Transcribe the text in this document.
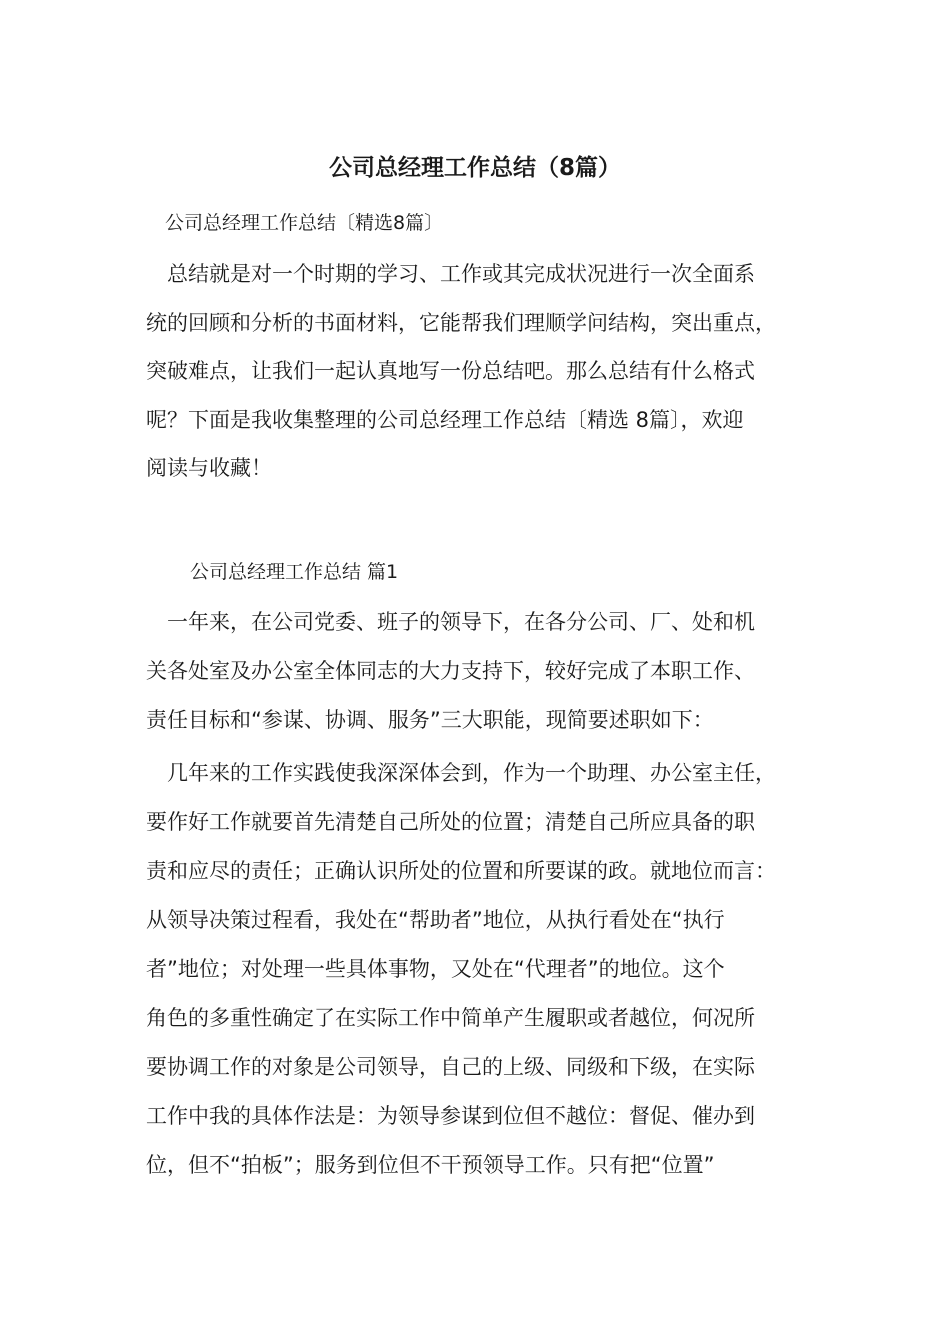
公司总经理工作总结（8篇）
公司总经理工作总结〔精选8篇〕
　总结就是对一个时期的学习、工作或其完成状况进行一次全面系
统的回顾和分析的书面材料，它能帮我们理顺学问结构，突出重点，
突破难点，让我们一起认真地写一份总结吧。那么总结有什么格式
呢？下面是我收集整理的公司总经理工作总结〔精选 8篇〕，欢迎
阅读与收藏！
公司总经理工作总结 篇1
　一年来，在公司党委、班子的领导下，在各分公司、厂、处和机
关各处室及办公室全体同志的大力支持下，较好完成了本职工作、
责任目标和“参谋、协调、服务”三大职能，现简要述职如下：
　几年来的工作实践使我深深体会到，作为一个助理、办公室主任，
要作好工作就要首先清楚自己所处的位置；清楚自己所应具备的职
责和应尽的责任；正确认识所处的位置和所要谋的政。就地位而言：
从领导决策过程看，我处在“帮助者”地位，从执行看处在“执行
者”地位；对处理一些具体事物，又处在“代理者”的地位。这个
角色的多重性确定了在实际工作中简单产生履职或者越位，何况所
要协调工作的对象是公司领导，自己的上级、同级和下级，在实际
工作中我的具体作法是：为领导参谋到位但不越位：督促、催办到
位，但不“拍板”；服务到位但不干预领导工作。只有把“位置”
